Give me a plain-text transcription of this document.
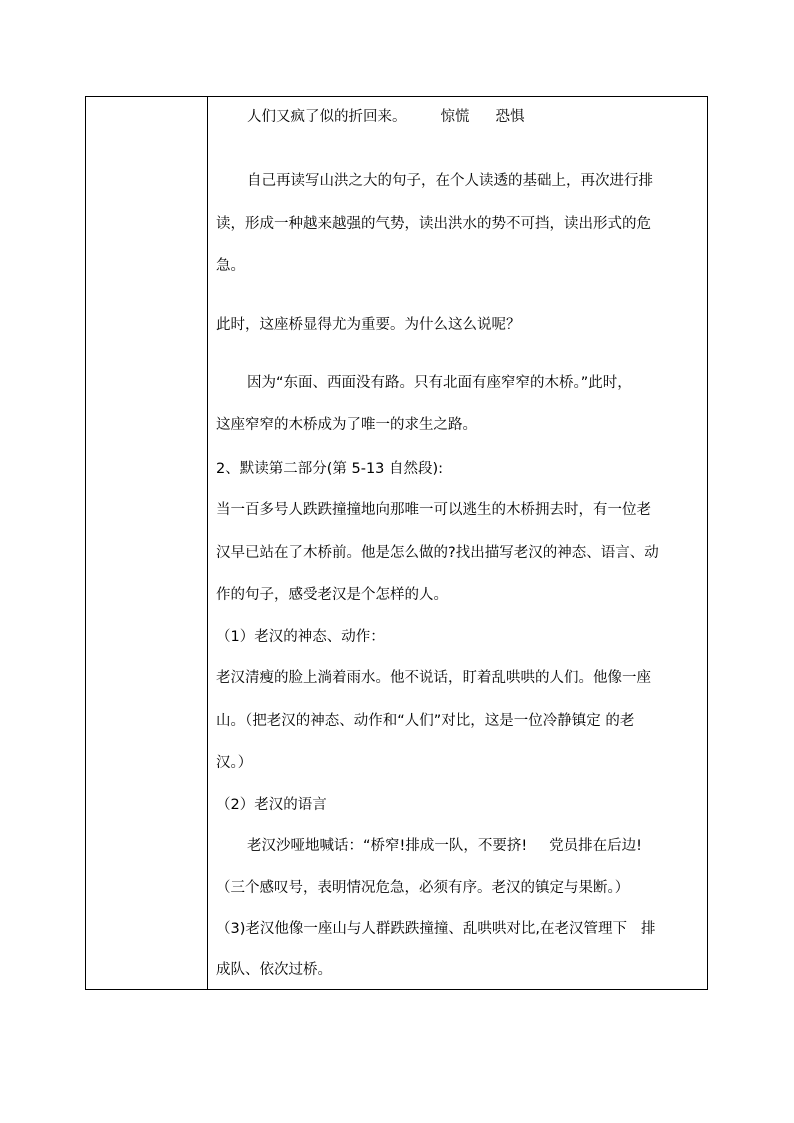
人们又疯了似的折回来。 惊慌 恐惧
自己再读写山洪之大的句子，在个人读透的基础上，再次进行排
读，形成一种越来越强的气势，读出洪水的势不可挡，读出形式的危
急。
此时，这座桥显得尤为重要。为什么这么说呢？
因为“东面、西面没有路。只有北面有座窄窄的木桥。”此时，
这座窄窄的木桥成为了唯一的求生之路。
2、默读第二部分(第 5-13 自然段):
当一百多号人跌跌撞撞地向那唯一可以逃生的木桥拥去时，有一位老
汉早已站在了木桥前。他是怎么做的?找出描写老汉的神态、语言、动
作的句子，感受老汉是个怎样的人。
（1）老汉的神态、动作：
老汉清瘦的脸上淌着雨水。他不说话，盯着乱哄哄的人们。他像一座
山。（把老汉的神态、动作和“人们”对比，这是一位冷静镇定 的老
汉。）
（2）老汉的语言
老汉沙哑地喊话：“桥窄!排成一队，不要挤! 党员排在后边!
（三个感叹号，表明情况危急，必须有序。老汉的镇定与果断。）
（3)老汉他像一座山与人群跌跌撞撞、乱哄哄对比,在老汉管理下 排
成队、依次过桥。
